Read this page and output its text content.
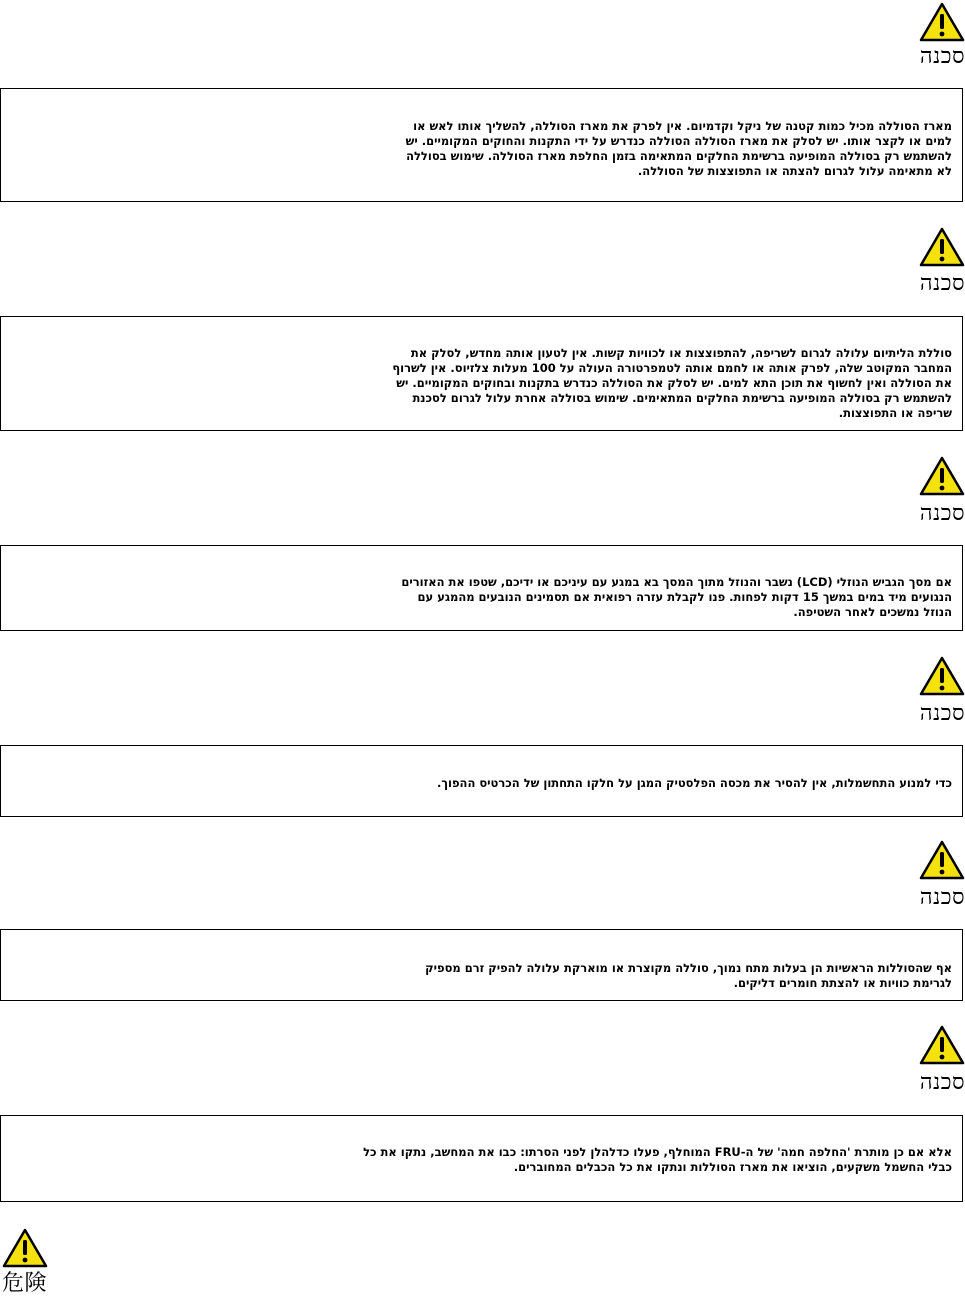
סכנה

מארז הסוללה מכיל כמות קטנה של ניקל וקדמיום. אין לפרק את מארז הסוללה, להשליך אותו לאש או למים או לקצר אותו. יש לסלק את מארז הסוללה הסוללה כנדרש על ידי התקנות והחוקים המקומיים. יש להשתמש רק בסוללה המופיעה ברשימת החלקים המתאימה בזמן החלפת מארז הסוללה. שימוש בסוללה לא מתאימה עלול לגרום להצתה או התפוצצות של הסוללה.

סכנה

סוללת הליתיום עלולה לגרום לשריפה, להתפוצצות או לכוויות קשות. אין לטעון אותה מחדש, לסלק את המחבר המקוטב שלה, לפרק אותה או לחמם אותה לטמפרטורה העולה על 100 מעלות צלזיוס. אין לשרוף את הסוללה ואין לחשוף את תוכן התא למים. יש לסלק את הסוללה כנדרש בתקנות ובחוקים המקומיים. יש להשתמש רק בסוללה המופיעה ברשימת החלקים המתאימים. שימוש בסוללה אחרת עלול לגרום לסכנת שריפה או התפוצצות.

סכנה

אם מסך הגביש הנוזלי (LCD) נשבר והנוזל מתוך המסך בא במגע עם עיניכם או ידיכם, שטפו את האזורים הנגועים מיד במים במשך 15 דקות לפחות. פנו לקבלת עזרה רפואית אם תסמינים הנובעים מהמגע עם הנוזל נמשכים לאחר השטיפה.

סכנה

כדי למנוע התחשמלות, אין להסיר את מכסה הפלסטיק המגן על חלקו התחתון של הכרטיס ההפוך.

סכנה

אף שהסוללות הראשיות הן בעלות מתח נמוך, סוללה מקוצרת או מוארקת עלולה להפיק זרם מספיק לגרימת כוויות או להצתת חומרים דליקים.

סכנה

אלא אם כן מותרת 'החלפה חמה' של ה-FRU המוחלף, פעלו כדלהלן לפני הסרתו: כבו את המחשב, נתקו את כל כבלי החשמל משקעים, הוציאו את מארז הסוללות ונתקו את כל הכבלים המחוברים.

危険
